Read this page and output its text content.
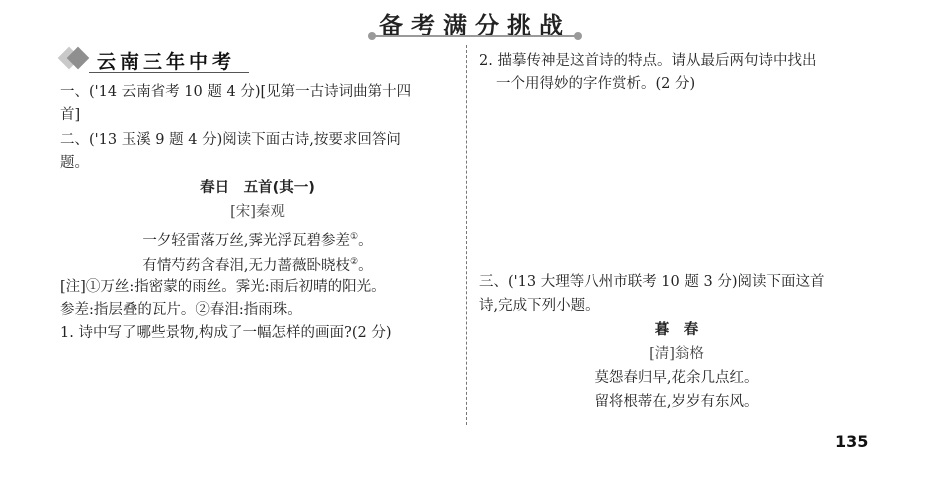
备考满分挑战
云南三年中考
一、('14 云南省考 10 题 4 分)[见第一古诗词曲第十四
首]
二、('13 玉溪 9 题 4 分)阅读下面古诗,按要求回答问
题。
春日　五首(其一)
[宋]秦观
一夕轻雷落万丝,霁光浮瓦碧参差①。
有情芍药含春泪,无力蔷薇卧晓枝②。
[注]①万丝:指密蒙的雨丝。霁光:雨后初晴的阳光。
参差:指层叠的瓦片。②春泪:指雨珠。
1. 诗中写了哪些景物,构成了一幅怎样的画面?(2 分)
2. 描摹传神是这首诗的特点。请从最后两句诗中找出
一个用得妙的字作赏析。(2 分)
三、('13 大理等八州市联考 10 题 3 分)阅读下面这首
诗,完成下列小题。
暮　春
[清]翁格
莫怨春归早,花余几点红。
留将根蒂在,岁岁有东风。
135
